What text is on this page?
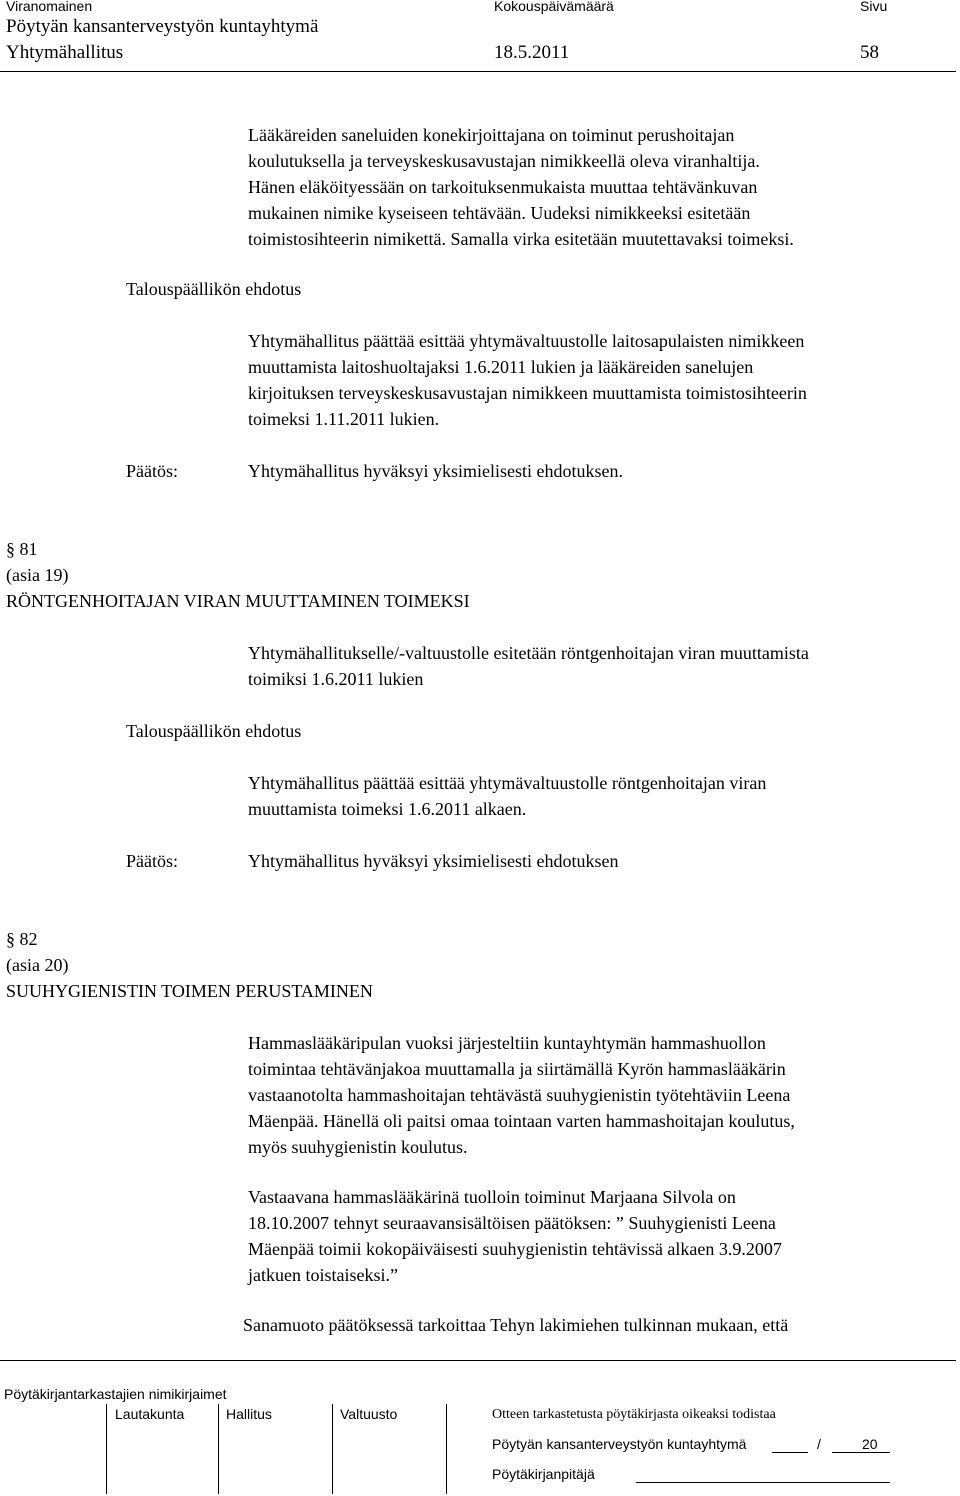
Viranomainen	Kokouspäivämäärä	Sivu
Pöytyän kansanterveystyön kuntayhtymä
Yhtymähallitus	18.5.2011	58
Lääkäreiden saneluiden konekirjoittajana on toiminut perushoitajan
koulutuksella ja terveyskeskusavustajan nimikkeellä oleva viranhaltija.
Hänen eläköityessään on tarkoituksenmukaista muuttaa tehtävänkuvan
mukainen nimike kyseiseen tehtävään. Uudeksi nimikkeeksi esitetään
toimistosihteerin nimikettä. Samalla virka esitetään muutettavaksi toimeksi.
Talouspäällikön ehdotus
Yhtymähallitus päättää esittää yhtymävaltuustolle laitosapulaisten nimikkeen
muuttamista laitoshuoltajaksi 1.6.2011 lukien ja lääkäreiden sanelujen
kirjoituksen terveyskeskusavustajan nimikkeen muuttamista toimistosihteerin
toimeksi 1.11.2011 lukien.
Päätös:	Yhtymähallitus hyväksyi yksimielisesti ehdotuksen.
§ 81
(asia 19)
RÖNTGENHOITAJAN VIRAN MUUTTAMINEN TOIMEKSI
Yhtymähallitukselle/-valtuustolle esitetään röntgenhoitajan viran muuttamista
toimiksi 1.6.2011 lukien
Talouspäällikön ehdotus
Yhtymähallitus päättää esittää yhtymävaltuustolle röntgenhoitajan viran
muuttamista toimeksi 1.6.2011 alkaen.
Päätös:	Yhtymähallitus hyväksyi yksimielisesti ehdotuksen
§ 82
(asia 20)
SUUHYGIENISTIN TOIMEN PERUSTAMINEN
Hammaslääkäripulan vuoksi järjesteltiin kuntayhtymän hammashuollon
toimintaa tehtävänjakoa muuttamalla ja siirtämällä Kyrön hammaslääkärin
vastaanotolta hammashoitajan tehtävästä suuhygienistin työtehtäviin Leena
Mäenpää. Hänellä oli paitsi omaa tointaan varten hammashoitajan koulutus,
myös suuhygienistin koulutus.
Vastaavana hammaslääkärinä tuolloin toiminut Marjaana Silvola on
18.10.2007 tehnyt seuraavansisältöisen päätöksen: ” Suuhygienisti Leena
Mäenpää toimii kokopäiväisesti suuhygienistin tehtävissä alkaen 3.9.2007
jatkuen toistaiseksi.”
Sanamuoto päätöksessä tarkoittaa Tehyn lakimiehen tulkinnan mukaan, että
Pöytäkirjantarkastajien nimikirjaimet
Lautakunta	Hallitus	Valtuusto	Otteen tarkastetusta pöytäkirjasta oikeaksi todistaa
Pöytyän kansanterveystyön kuntayhtymä	/	20
Pöytäkirjanpitäjä
